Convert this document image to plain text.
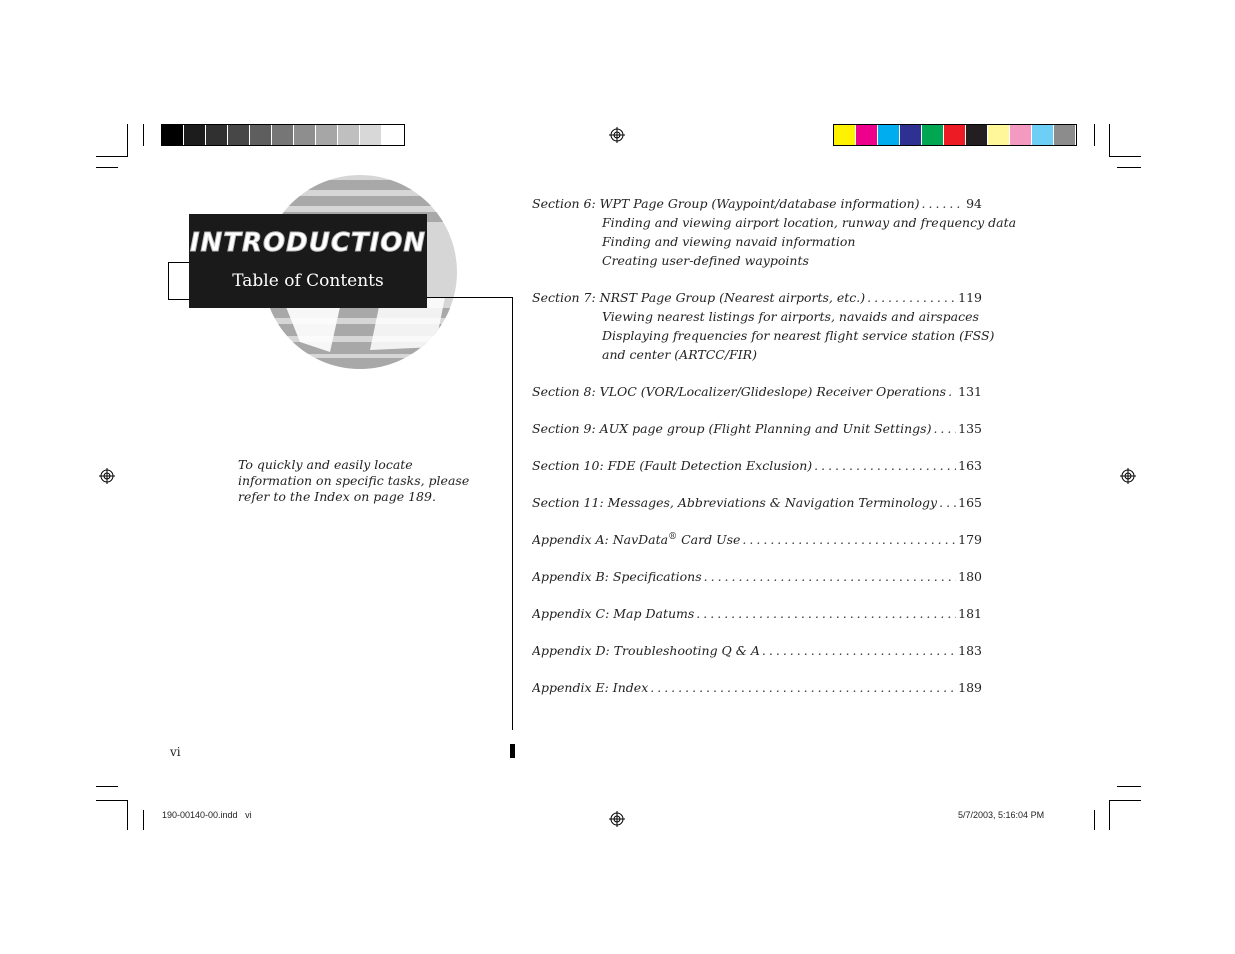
INTRODUCTION
Table of Contents
To quickly and easily locate information on specific tasks, please refer to the Index on page 189.
vi
190-00140-00.indd   vi	5/7/2003, 5:16:04 PM
Section 6: WPT Page Group (Waypoint/database information) .....	94
Finding and viewing airport location, runway and frequency data
Finding and viewing navaid information
Creating user-defined waypoints
Section 7: NRST Page Group (Nearest airports, etc.) .....	119
Viewing nearest listings for airports, navaids and airspaces
Displaying frequencies for nearest flight service station (FSS)
and center (ARTCC/FIR)
Section 8: VLOC (VOR/Localizer/Glideslope) Receiver Operations ..... 131
Section 9: AUX page group (Flight Planning and Unit Settings) ..... 135
Section 10: FDE (Fault Detection Exclusion) .....	163
Section 11: Messages, Abbreviations & Navigation Terminology ..... 165
Appendix A: NavData® Card Use .....	179
Appendix B: Specifications .....	180
Appendix C: Map Datums .....	181
Appendix D: Troubleshooting Q & A .....	183
Appendix E: Index .....	189
